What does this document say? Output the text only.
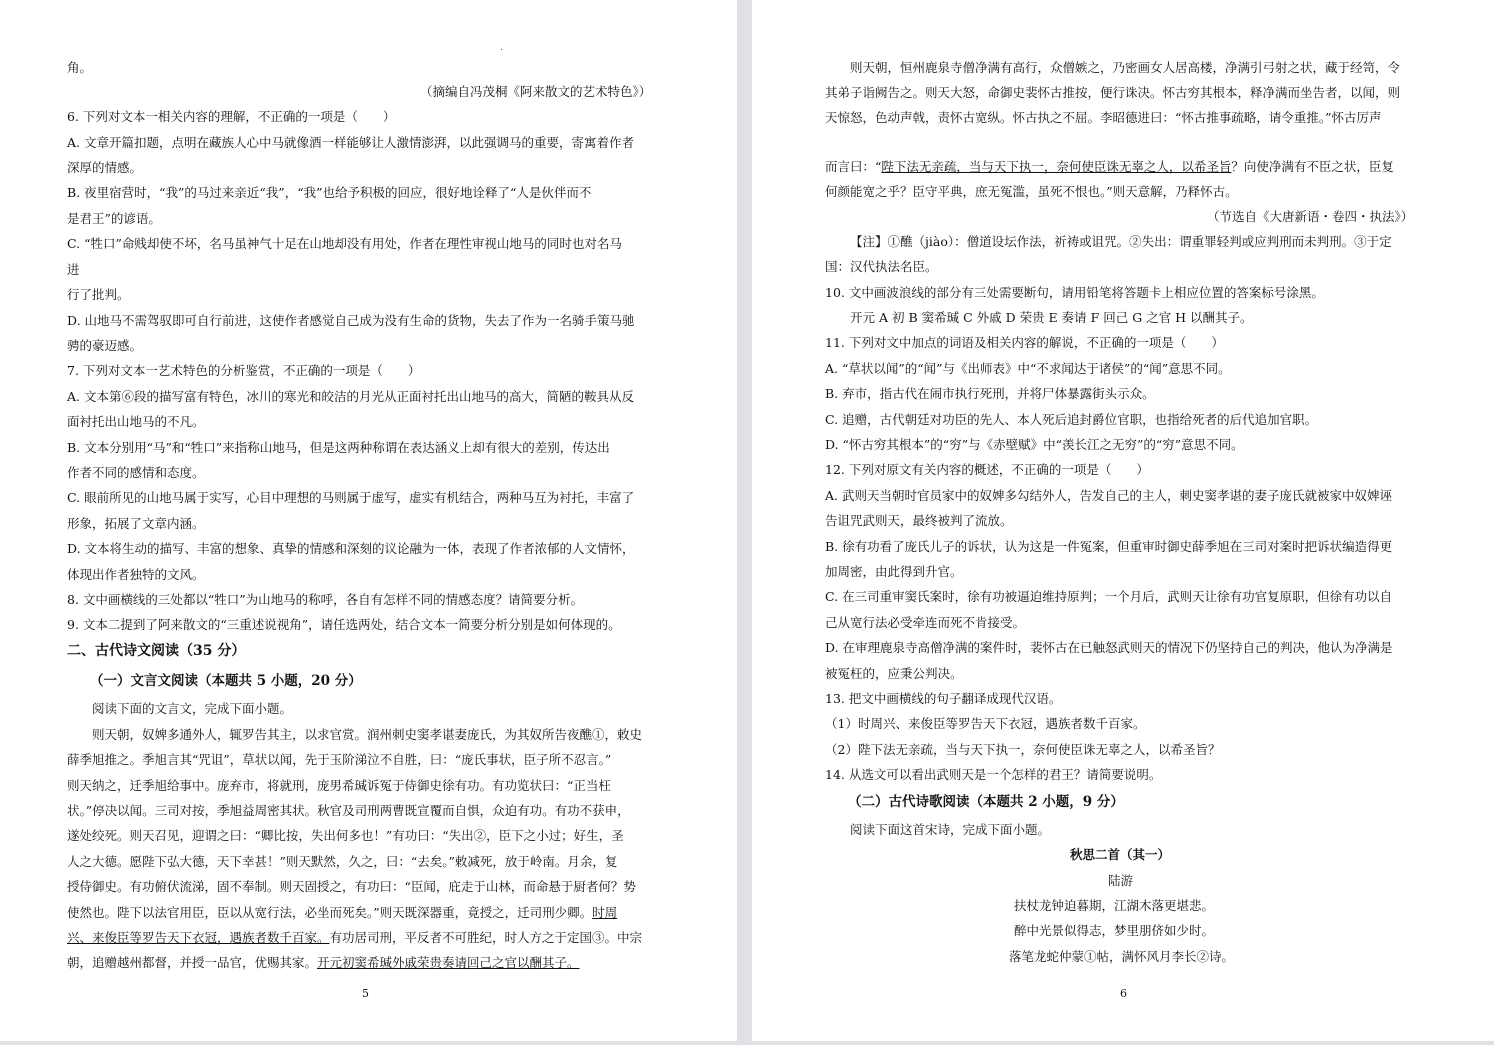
.
角。
（摘编自冯茂桐《阿来散文的艺术特色》）
6. 下列对文本一相关内容的理解，不正确的一项是（　　）
A. 文章开篇扣题，点明在藏族人心中马就像酒一样能够让人激情澎湃，以此强调马的重要，寄寓着作者
深厚的情感。
B. 夜里宿营时，“我”的马过来亲近“我”，“我”也给予积极的回应，很好地诠释了“人是伙伴而不
是君王”的谚语。
C. “牲口”命贱却使不坏，名马虽神气十足在山地却没有用处，作者在理性审视山地马的同时也对名马
进
行了批判。
D. 山地马不需驾驭即可自行前进，这使作者感觉自己成为没有生命的货物，失去了作为一名骑手策马驰
骋的豪迈感。
7. 下列对文本一艺术特色的分析鉴赏，不正确的一项是（　　）
A. 文本第⑥段的描写富有特色，冰川的寒光和皎洁的月光从正面衬托出山地马的高大，简陋的鞍具从反
面衬托出山地马的不凡。
B. 文本分别用“马”和“牲口”来指称山地马，但是这两种称谓在表达涵义上却有很大的差别，传达出
作者不同的感情和态度。
C. 眼前所见的山地马属于实写，心目中理想的马则属于虚写，虚实有机结合，两种马互为衬托，丰富了
形象，拓展了文章内涵。
D. 文本将生动的描写、丰富的想象、真挚的情感和深刻的议论融为一体，表现了作者浓郁的人文情怀，
体现出作者独特的文风。
8. 文中画横线的三处都以“牲口”为山地马的称呼，各自有怎样不同的情感态度？请简要分析。
9. 文本二提到了阿来散文的“三重述说视角”，请任选两处，结合文本一简要分析分别是如何体现的。
二、古代诗文阅读（35 分）
（一）文言文阅读（本题共 5 小题，20 分）
阅读下面的文言文，完成下面小题。
则天朝，奴婢多通外人，辄罗告其主，以求官赏。润州刺史窦孝谌妻庞氏，为其奴所告夜醮①，敕史
薛季旭推之。季旭言其“咒诅”，草状以闻，先于玉阶涕泣不自胜，曰：“庞氏事状，臣子所不忍言。”
则天纳之，迁季旭给事中。庞弃市，将就刑，庞男希瑊诉冤于侍御史徐有功。有功览状曰：“正当枉
状。”停决以闻。三司对按，季旭益周密其状。秋官及司刑两曹既宣覆而自惧，众迫有功。有功不获申，
遂处绞死。则天召见，迎谓之曰：“卿比按，失出何多也！”有功曰：“失出②，臣下之小过；好生，圣
人之大德。愿陛下弘大德，天下幸甚！”则天默然，久之，曰：“去矣。”敕减死，放于岭南。月余，复
授侍御史。有功俯伏流涕，固不奉制。则天固授之，有功曰：“臣闻，庇走于山林，而命悬于厨者何？势
使然也。陛下以法官用臣，臣以从宽行法，必坐而死矣。”则天既深器重，竟授之，迁司刑少卿。时周
兴、来俊臣等罗告天下衣冠，遇族者数千百家。有功居司刑，平反者不可胜纪，时人方之于定国③。中宗
朝，追赠越州都督，并授一品官，优赐其家。开元初窦希瑊外戚荣贵奏请回己之官以酬其子。
5
则天朝，恒州鹿泉寺僧净满有高行，众僧嫉之，乃密画女人居高楼，净满引弓射之状，藏于经笥，令
其弟子诣阙告之。则天大怒，命御史裴怀古推按，便行诛决。怀古穷其根本，释净满而坐告者，以闻，则
天惊怒，色动声戟，责怀古宽纵。怀古执之不屈。李昭德进曰：“怀古推事疏略，请令重推。”怀古厉声
而言曰：“陛下法无亲疏，当与天下执一，奈何使臣诛无辜之人，以希圣旨？向使净满有不臣之状，臣复
何颜能宽之乎？臣守平典，庶无冤滥，虽死不恨也。”则天意解，乃释怀古。
（节选自《大唐新语・卷四・执法》）
【注】①醮（jiào）：僧道设坛作法，祈祷或诅咒。②失出：谓重罪轻判或应判刑而未判刑。③于定
国：汉代执法名臣。
10. 文中画波浪线的部分有三处需要断句，请用铅笔将答题卡上相应位置的答案标号涂黑。
开元 A 初 B 窦希瑊 C 外戚 D 荣贵 E 奏请 F 回己 G 之官 H 以酬其子。
11. 下列对文中加点的词语及相关内容的解说，不正确的一项是（　　）
A. “草状以闻”的“闻”与《出师表》中“不求闻达于诸侯”的“闻”意思不同。
B. 弃市，指古代在闹市执行死刑，并将尸体暴露街头示众。
C. 追赠，古代朝廷对功臣的先人、本人死后追封爵位官职，也指给死者的后代追加官职。
D. “怀古穷其根本”的“穷”与《赤壁赋》中“羡长江之无穷”的“穷”意思不同。
12. 下列对原文有关内容的概述，不正确的一项是（　　）
A. 武则天当朝时官员家中的奴婢多勾结外人，告发自己的主人，刺史窦孝谌的妻子庞氏就被家中奴婢诬
告诅咒武则天，最终被判了流放。
B. 徐有功看了庞氏儿子的诉状，认为这是一件冤案，但重审时御史薛季旭在三司对案时把诉状编造得更
加周密，由此得到升官。
C. 在三司重审窦氏案时，徐有功被逼迫维持原判；一个月后，武则天让徐有功官复原职，但徐有功以自
己从宽行法必受牵连而死不肯接受。
D. 在审理鹿泉寺高僧净满的案件时，裴怀古在已触怒武则天的情况下仍坚持自己的判决，他认为净满是
被冤枉的，应秉公判决。
13. 把文中画横线的句子翻译成现代汉语。
（1）时周兴、来俊臣等罗告天下衣冠，遇族者数千百家。
（2）陛下法无亲疏，当与天下执一，奈何使臣诛无辜之人，以希圣旨？
14. 从选文可以看出武则天是一个怎样的君王？请简要说明。
（二）古代诗歌阅读（本题共 2 小题，9 分）
阅读下面这首宋诗，完成下面小题。
秋思二首（其一）
陆游
扶杖龙钟迫暮期，江湖木落更堪悲。
醉中光景似得志，梦里朋侪如少时。
落笔龙蛇仲蒙①帖，满怀风月李长②诗。
6
